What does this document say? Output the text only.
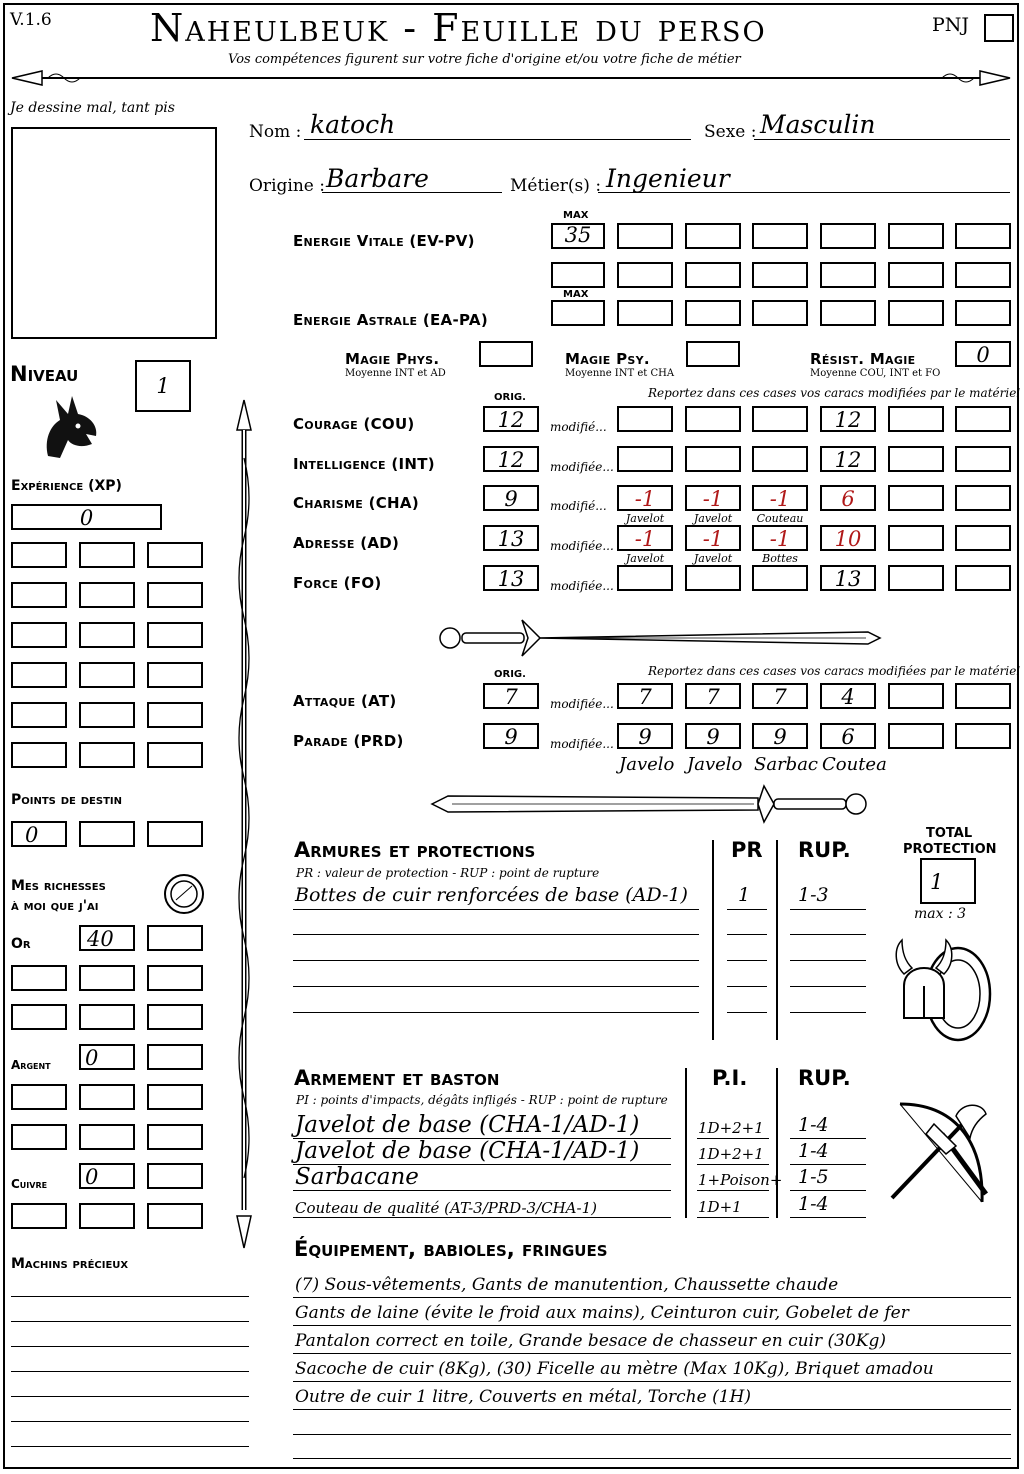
V.1.6	Naheulbeuk - Feuille du perso	PNJ
Vos compétences figurent sur votre fiche d'origine et/ou votre fiche de métier
Je dessine mal, tant pis
Nom : katoch	Sexe : Masculin
Origine : Barbare	Métier(s) : Ingenieur
MAX
Energie Vitale (EV-PV)	35
MAX
Energie Astrale (EA-PA)
Magie Phys.
Moyenne INT et AD
Magie Psy.
Moyenne INT et CHA
Résist. Magie
Moyenne COU, INT et FO
0
Niveau	1
Expérience (XP)
0
Points de destin
0
Mes richesses
à moi que j'ai
Or	40
Argent 0
Cuivre 0
Machins précieux
ORIG.	Reportez dans ces cases vos caracs modifiées par le matériel
Courage (COU)	12	modifié...	12
Intelligence (INT)	12	modifiée...	12
Charisme (CHA)	9	modifié...	-1	-1	-1	6
Javelot	Javelot	Couteau
Adresse (AD)	13	modifiée... -1	-1	-1	10
Javelot	Javelot	Bottes
Force (FO)	13	modifiée...	13
ORIG.	Reportez dans ces cases vos caracs modifiées par le matériel
Attaque (AT)	7	modifiée...	7	7	7	4
Parade (PRD)	9	modifiée...	9	9	9	6
Javelo Javelo Sarbac Coutea
Armures et protections
PR : valeur de protection - RUP : point de rupture
PR RUP.
Bottes de cuir renforcées de base (AD-1)	1	1-3
TOTAL
PROTECTION
1
max : 3
Armement et baston
PI : points d'impacts, dégâts infligés - RUP : point de rupture
P.I. RUP.
Javelot de base (CHA-1/AD-1)	1D+2+1 1-4
Javelot de base (CHA-1/AD-1)	1D+2+1 1-4
Sarbacane	1+Poison+ 1-5
Couteau de qualité (AT-3/PRD-3/CHA-1)	1D+1	1-4
Équipement, babioles, fringues
(7) Sous-vêtements, Gants de manutention, Chaussette chaude
Gants de laine (évite le froid aux mains), Ceinturon cuir, Gobelet de fer
Pantalon correct en toile, Grande besace de chasseur en cuir (30Kg)
Sacoche de cuir (8Kg), (30) Ficelle au mètre (Max 10Kg), Briquet amadou
Outre de cuir 1 litre, Couverts en métal, Torche (1H)
